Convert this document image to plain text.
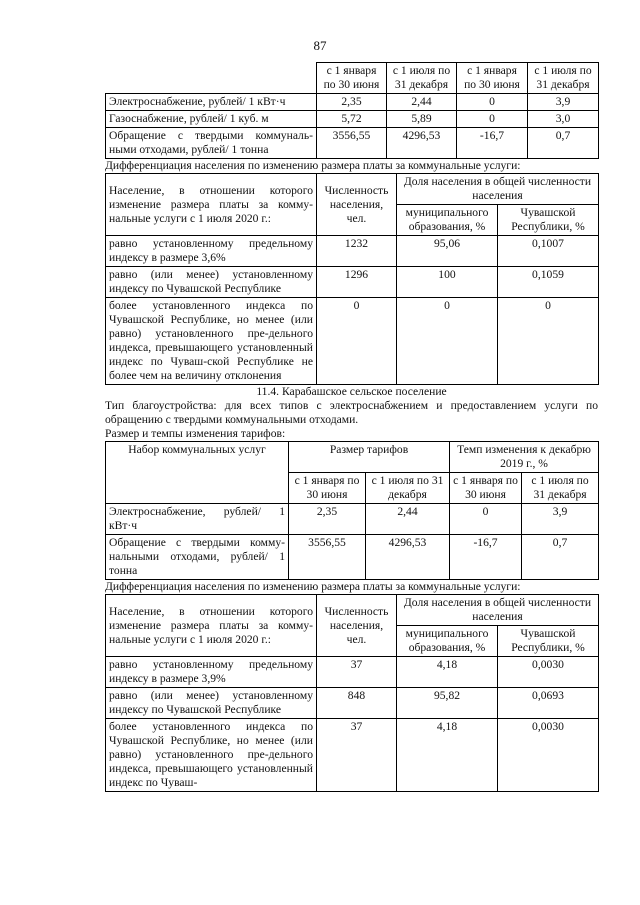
87
	с 1 января по 30 июня	с 1 июля по 31 декабря	с 1 января по 30 июня	с 1 июля по 31 декабря
Электроснабжение, рублей/ 1 кВт·ч	2,35	2,44	0	3,9
Газоснабжение, рублей/ 1 куб. м	5,72	5,89	0	3,0
Обращение с твердыми коммуналь-ными отходами, рублей/ 1 тонна	3556,55	4296,53	-16,7	0,7
Дифференциация населения по изменению размера платы за коммунальные услуги:
Население, в отношении которого изменение размера платы за комму-нальные услуги с 1 июля 2020 г.:	Численность населения, чел.	Доля населения в общей численности населения	
		муниципального образования, %	Чувашской Республики, %
равно установленному предельному индексу в размере 3,6%	1232	95,06	0,1007
равно (или менее) установленному индексу по Чувашской Республике	1296	100	0,1059
более установленного индекса по Чувашской Республике, но менее (или равно) установленного пре-дельного индекса, превышающего установленный индекс по Чуваш-ской Республике не более чем на величину отклонения	0	0	0
11.4. Карабашское сельское поселение
Тип благоустройства: для всех типов с электроснабжением и предоставлением услуги по обращению с твердыми коммунальными отходами.
Размер и темпы изменения тарифов:
Набор коммунальных услуг	Размер тарифов		Темп изменения к декабрю 2019 г., %	
	с 1 января по 30 июня	с 1 июля по 31 декабря	с 1 января по 30 июня	с 1 июля по 31 декабря
Электроснабжение, рублей/ 1 кВт·ч	2,35	2,44	0	3,9
Обращение с твердыми комму-нальными отходами, рублей/ 1 тонна	3556,55	4296,53	-16,7	0,7
Дифференциация населения по изменению размера платы за коммунальные услуги:
Население, в отношении которого изменение размера платы за комму-нальные услуги с 1 июля 2020 г.:	Численность населения, чел.	Доля населения в общей численности населения	
		муниципального образования, %	Чувашской Республики, %
равно установленному предельному индексу в размере 3,9%	37	4,18	0,0030
равно (или менее) установленному индексу по Чувашской Республике	848	95,82	0,0693
более установленного индекса по Чувашской Республике, но менее (или равно) установленного пре-дельного индекса, превышающего установленный индекс по Чуваш-	37	4,18	0,0030
